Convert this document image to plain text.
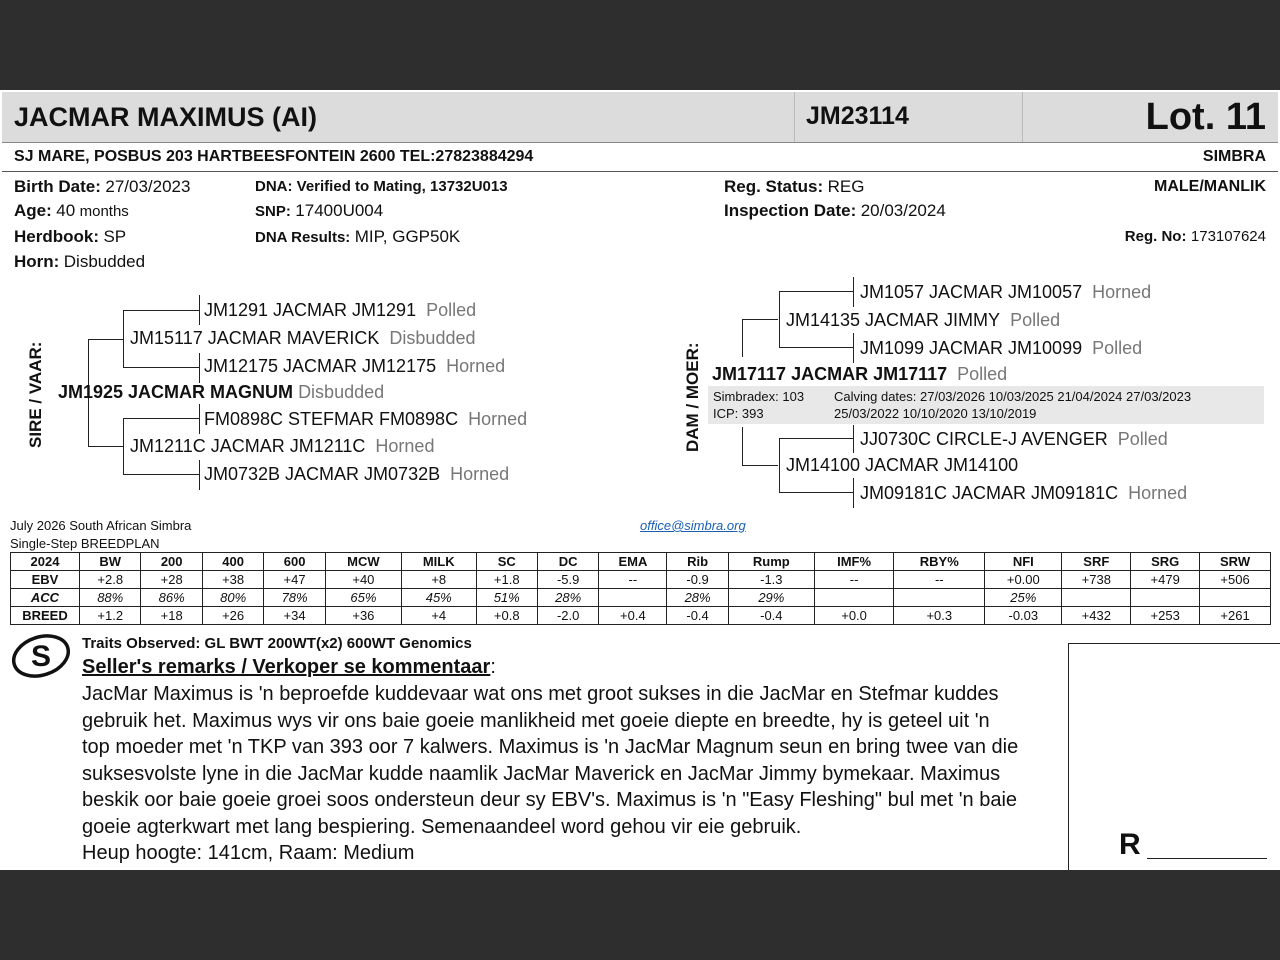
JACMAR MAXIMUS (AI)	JM23114	Lot. 11
SJ MARE, POSBUS 203 HARTBEESFONTEIN 2600 TEL:27823884294	SIMBRA
Birth Date: 27/03/2023
Age: 40 months
Herdbook: SP
Horn: Disbudded
DNA: Verified to Mating, 13732U013
SNP: 17400U004
DNA Results: MIP, GGP50K
Reg. Status: REG
Inspection Date: 20/03/2024
MALE/MANLIK
Reg. No: 173107624
SIRE / VAAR:
JM1291 JACMAR JM1291 Polled
JM15117 JACMAR MAVERICK Disbudded
JM12175 JACMAR JM12175 Horned
JM1925 JACMAR MAGNUM Disbudded
FM0898C STEFMAR FM0898C Horned
JM1211C JACMAR JM1211C Horned
JM0732B JACMAR JM0732B Horned
DAM / MOER:
JM1057 JACMAR JM10057 Horned
JM14135 JACMAR JIMMY Polled
JM1099 JACMAR JM10099 Polled
JM17117 JACMAR JM17117 Polled
Simbradex: 103
ICP: 393
Calving dates: 27/03/2026 10/03/2025 21/04/2024 27/03/2023
25/03/2022 10/10/2020 13/10/2019
JJ0730C CIRCLE-J AVENGER Polled
JM14100 JACMAR JM14100
JM09181C JACMAR JM09181C Horned
July 2026 South African Simbra
Single-Step BREEDPLAN
office@simbra.org
2024	BW	200	400	600	MCW	MILK	SC	DC	EMA	Rib	Rump	IMF%	RBY%	NFI	SRF	SRG	SRW
EBV	+2.8	+28	+38	+47	+40	+8	+1.8	-5.9	--	-0.9	-1.3	--	--	+0.00	+738	+479	+506
ACC	88%	86%	80%	78%	65%	45%	51%	28%		28%	29%			25%			
BREED	+1.2	+18	+26	+34	+36	+4	+0.8	-2.0	+0.4	-0.4	-0.4	+0.0	+0.3	-0.03	+432	+253	+261
S Traits Observed: GL BWT 200WT(x2) 600WT Genomics
Seller's remarks / Verkoper se kommentaar:
JacMar Maximus is 'n beproefde kuddevaar wat ons met groot sukses in die JacMar en Stefmar kuddes
gebruik het. Maximus wys vir ons baie goeie manlikheid met goeie diepte en breedte, hy is geteel uit 'n
top moeder met 'n TKP van 393 oor 7 kalwers. Maximus is 'n JacMar Magnum seun en bring twee van die
suksesvolste lyne in die JacMar kudde naamlik JacMar Maverick en JacMar Jimmy bymekaar. Maximus
beskik oor baie goeie groei soos ondersteun deur sy EBV's. Maximus is 'n "Easy Fleshing" bul met 'n baie
goeie agterkwart met lang bespiering. Semenaandeel word gehou vir eie gebruik.
Heup hoogte: 141cm, Raam: Medium	R
